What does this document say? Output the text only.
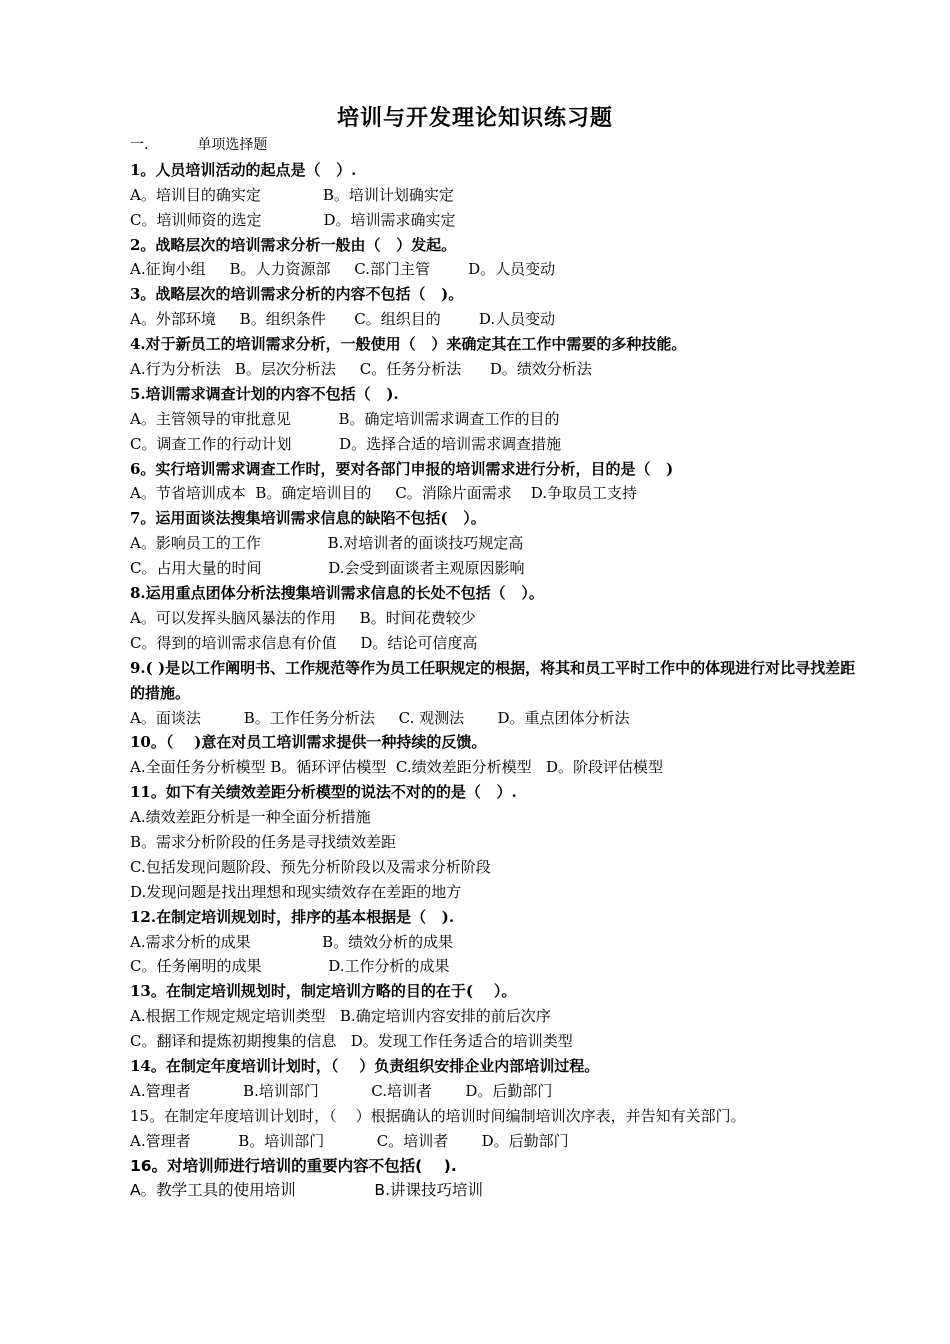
培训与开发理论知识练习题
一.           单项选择题
1。人员培训活动的起点是（   ）.
A。培训目的确实定             B。培训计划确实定
C。培训师资的选定             D。培训需求确实定
2。战略层次的培训需求分析一般由（   ）发起。
A.征询小组     B。人力资源部     C.部门主管        D。人员变动
3。战略层次的培训需求分析的内容不包括（   )。
A。外部环境     B。组织条件      C。组织目的        D.人员变动
4.对于新员工的培训需求分析，一般使用（   ）来确定其在工作中需要的多种技能。
A.行为分析法   B。层次分析法     C。任务分析法      D。绩效分析法
5.培训需求调查计划的内容不包括（   ).
A。主管领导的审批意见          B。确定培训需求调查工作的目的
C。调查工作的行动计划          D。选择合适的培训需求调查措施
6。实行培训需求调查工作时，要对各部门申报的培训需求进行分析，目的是（   )
A。节省培训成本  B。确定培训目的     C。消除片面需求    D.争取员工支持
7。运用面谈法搜集培训需求信息的缺陷不包括(   ）。
A。影响员工的工作              B.对培训者的面谈技巧规定高
C。占用大量的时间              D.会受到面谈者主观原因影响
8.运用重点团体分析法搜集培训需求信息的长处不包括（   ）。
A。可以发挥头脑风暴法的作用     B。时间花费较少
C。得到的培训需求信息有价值     D。结论可信度高
9.( )是以工作阐明书、工作规范等作为员工任职规定的根据，将其和员工平时工作中的体现进行对比寻找差距的措施。
A。面谈法         B。工作任务分析法     C. 观测法       D。重点团体分析法
10。（    )意在对员工培训需求提供一种持续的反馈。
A.全面任务分析模型 B。循环评估模型  C.绩效差距分析模型   D。阶段评估模型
11。如下有关绩效差距分析模型的说法不对的的是（   ）.
A.绩效差距分析是一种全面分析措施
B。需求分析阶段的任务是寻找绩效差距
C.包括发现问题阶段、预先分析阶段以及需求分析阶段
D.发现问题是找出理想和现实绩效存在差距的地方
12.在制定培训规划时，排序的基本根据是（   ).
A.需求分析的成果               B。绩效分析的成果
C。任务阐明的成果              D.工作分析的成果
13。在制定培训规划时，制定培训方略的目的在于(    ）。
A.根据工作规定规定培训类型   B.确定培训内容安排的前后次序
C。翻译和提炼初期搜集的信息   D。发现工作任务适合的培训类型
14。在制定年度培训计划时，（    ）负责组织安排企业内部培训过程。
A.管理者           B.培训部门           C.培训者       D。后勤部门
15。在制定年度培训计划时，（    ）根据确认的培训时间编制培训次序表，并告知有关部门。
A.管理者          B。培训部门           C。培训者       D。后勤部门
16。对培训师进行培训的重要内容不包括(    ).
A。教学工具的使用培训                B.讲课技巧培训
